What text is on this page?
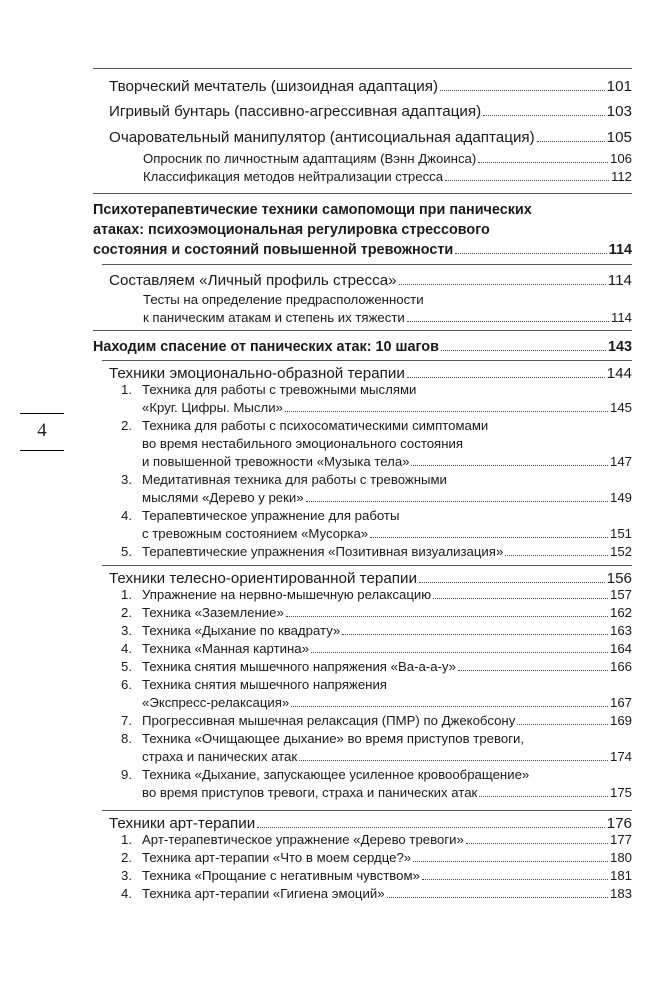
4
Творческий мечтатель (шизоидная адаптация)	101
Игривый бунтарь (пассивно-агрессивная адаптация)	103
Очаровательный манипулятор (антисоциальная адаптация)	105
Опросник по личностным адаптациям (Вэнн Джоинса)	106
Классификация методов нейтрализации стресса	112
Психотерапевтические техники самопомощи при панических
атаках: психоэмоциональная регулировка стрессового
состояния и состояний повышенной тревожности	114
Составляем «Личный профиль стресса»	114
Тесты на определение предрасположенности
к паническим атакам и степень их тяжести	114
Находим спасение от панических атак: 10 шагов	143
Техники эмоционально-образной терапии	144
1. Техника для работы с тревожными мыслями
«Круг. Цифры. Мысли»	145
2. Техника для работы с психосоматическими симптомами
во время нестабильного эмоционального состояния
и повышенной тревожности «Музыка тела»	147
3. Медитативная техника для работы с тревожными
мыслями «Дерево у реки»	149
4. Терапевтическое упражнение для работы
с тревожным состоянием «Мусорка»	151
5. Терапевтические упражнения «Позитивная визуализация»	152
Техники телесно-ориентированной терапии	156
1. Упражнение на нервно-мышечную релаксацию	157
2. Техника «Заземление»	162
3. Техника «Дыхание по квадрату»	163
4. Техника «Манная картина»	164
5. Техника снятия мышечного напряжения «Ва-а-а-у»	166
6. Техника снятия мышечного напряжения
«Экспресс-релаксация»	167
7. Прогрессивная мышечная релаксация (ПМР) по Джекобсону	169
8. Техника «Очищающее дыхание» во время приступов тревоги,
страха и панических атак	174
9. Техника «Дыхание, запускающее усиленное кровообращение»
во время приступов тревоги, страха и панических атак	175
Техники арт-терапии	176
1. Арт-терапевтическое упражнение «Дерево тревоги»	177
2. Техника арт-терапии «Что в моем сердце?»	180
3. Техника «Прощание с негативным чувством»	181
4. Техника арт-терапии «Гигиена эмоций»	183
